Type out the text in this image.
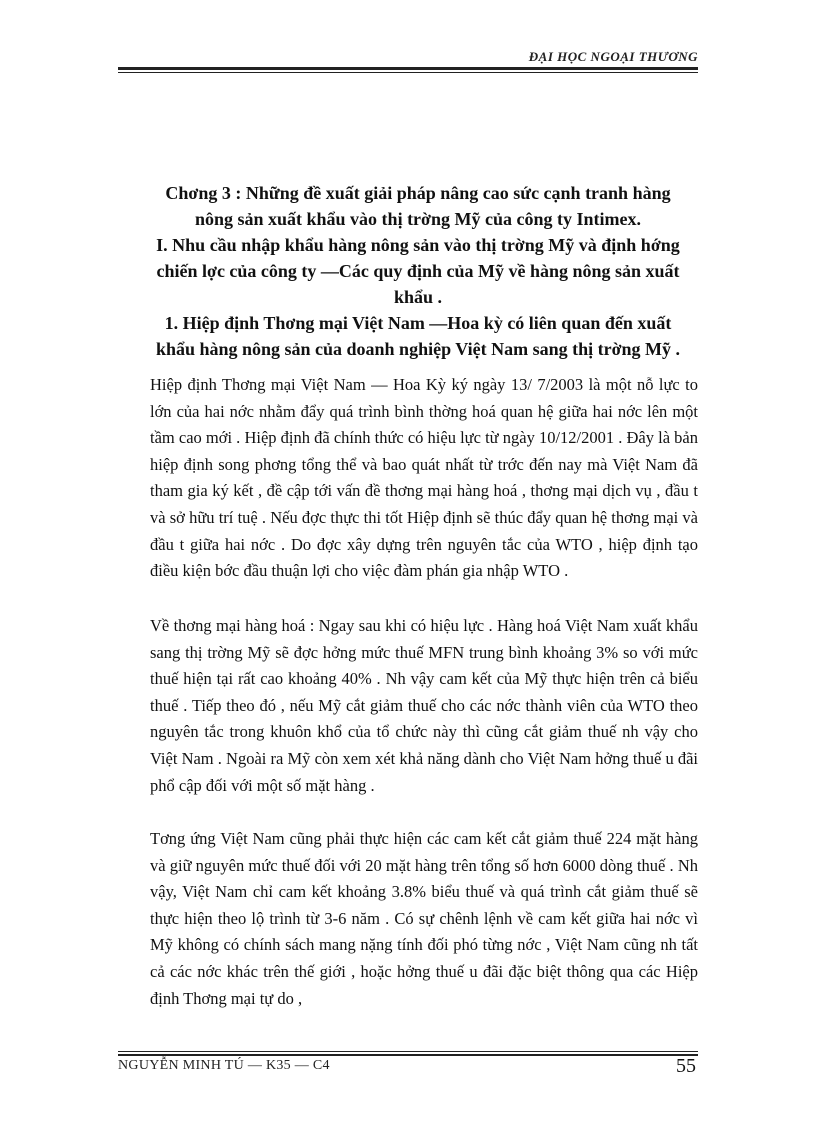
ĐẠI HỌC NGOẠI THƯƠNG
Chơng 3 : Những đề xuất giải pháp nâng cao sức cạnh tranh hàng
nông sản xuất khẩu vào thị trờng Mỹ của công ty Intimex.
I. Nhu cầu nhập khẩu hàng nông sản vào thị trờng Mỹ và định hớng
chiến lợc của công ty —Các quy định của Mỹ về hàng nông sản xuất
khẩu .
1. Hiệp định Thơng mại Việt Nam —Hoa kỳ có liên quan đến xuất
khẩu hàng nông sản của doanh nghiệp Việt Nam sang thị trờng Mỹ .

Hiệp định Thơng mại Việt Nam — Hoa Kỳ ký ngày 13/ 7/2003 là một nỗ lực to lớn của hai nớc nhằm đẩy quá trình bình thờng hoá quan hệ giữa hai nớc lên một tầm cao mới . Hiệp định đã chính thức có hiệu lực từ ngày 10/12/2001 . Đây là bản hiệp định song phơng tổng thể và bao quát nhất từ trớc đến nay mà Việt Nam đã tham gia ký kết , đề cập tới vấn đề thơng mại hàng hoá , thơng mại dịch vụ , đầu t và sở hữu trí tuệ . Nếu đợc thực thi tốt Hiệp định sẽ thúc đẩy quan hệ thơng mại và đầu t giữa hai nớc . Do đợc xây dựng trên nguyên tắc của WTO , hiệp định tạo điều kiện bớc đầu thuận lợi cho việc đàm phán gia nhập WTO .

Về thơng mại hàng hoá : Ngay sau khi có hiệu lực . Hàng hoá Việt Nam xuất khẩu sang thị trờng Mỹ sẽ đợc hởng mức thuế MFN trung bình khoảng 3% so với mức thuế hiện tại rất cao khoảng 40% . Nh vậy cam kết của Mỹ thực hiện trên cả biểu thuế . Tiếp theo đó , nếu Mỹ cắt giảm thuế cho các nớc thành viên của WTO theo nguyên tắc trong khuôn khổ của tổ chức này thì cũng cắt giảm thuế nh vậy cho Việt Nam . Ngoài ra Mỹ còn xem xét khả năng dành cho Việt Nam hởng thuế u đãi phổ cập đối với một số mặt hàng .

Tơng ứng Việt Nam cũng phải thực hiện các cam kết cắt giảm thuế 224 mặt hàng và giữ nguyên mức thuế đối với 20 mặt hàng trên tổng số hơn 6000 dòng thuế . Nh vậy, Việt Nam chỉ cam kết khoảng 3.8% biểu thuế và quá trình cắt giảm thuế sẽ thực hiện theo lộ trình từ 3-6 năm . Có sự chênh lệnh về cam kết giữa hai nớc vì Mỹ không có chính sách mang nặng tính đối phó từng nớc , Việt Nam cũng nh tất cả các nớc khác trên thế giới , hoặc hởng thuế u đãi đặc biệt thông qua các Hiệp định Thơng mại tự do ,

NGUYỄN MINH TÚ — K35 — C4	55
